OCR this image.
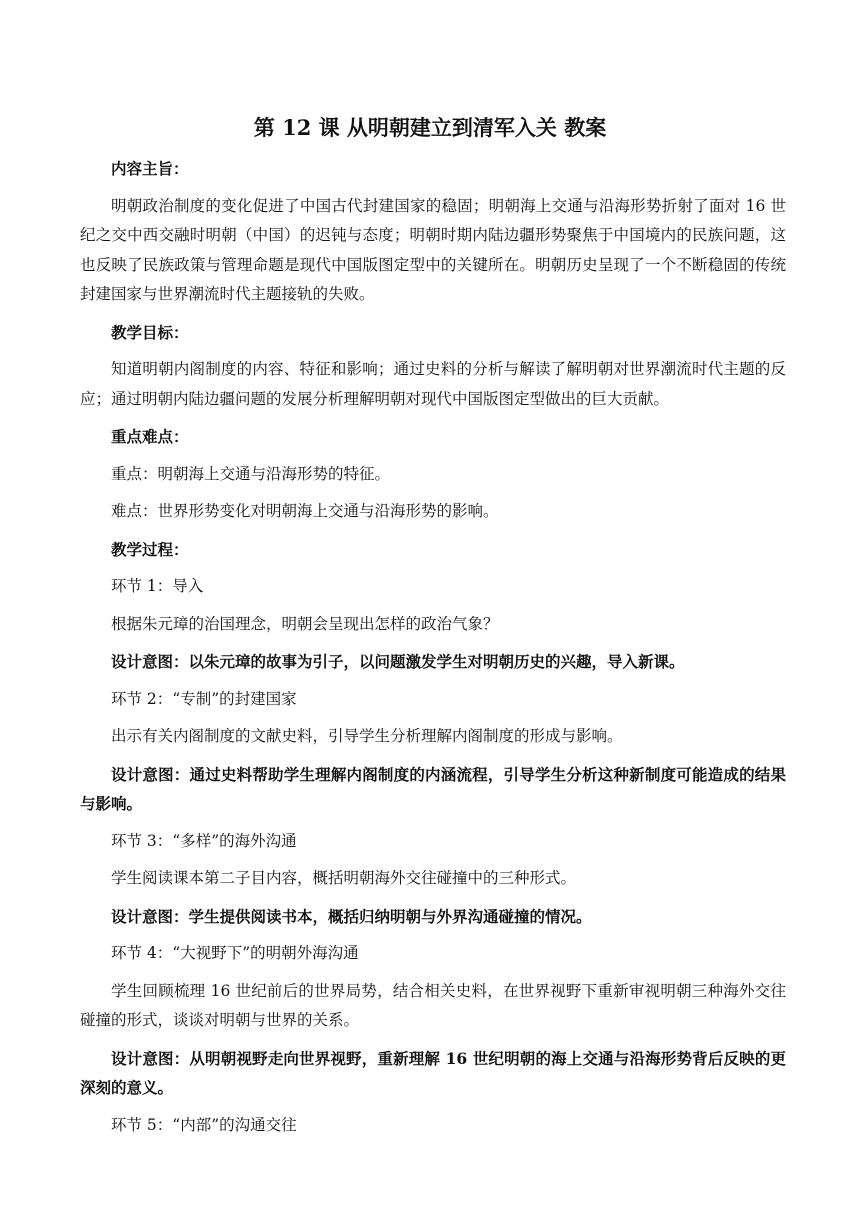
第 12 课 从明朝建立到清军入关 教案

内容主旨：

明朝政治制度的变化促进了中国古代封建国家的稳固；明朝海上交通与沿海形势折射了面对 16 世纪之交中西交融时明朝（中国）的迟钝与态度；明朝时期内陆边疆形势聚焦于中国境内的民族问题，这也反映了民族政策与管理命题是现代中国版图定型中的关键所在。明朝历史呈现了一个不断稳固的传统封建国家与世界潮流时代主题接轨的失败。

教学目标：

知道明朝内阁制度的内容、特征和影响；通过史料的分析与解读了解明朝对世界潮流时代主题的反应；通过明朝内陆边疆问题的发展分析理解明朝对现代中国版图定型做出的巨大贡献。

重点难点：

重点：明朝海上交通与沿海形势的特征。

难点：世界形势变化对明朝海上交通与沿海形势的影响。

教学过程：

环节 1：导入

根据朱元璋的治国理念，明朝会呈现出怎样的政治气象？

设计意图：以朱元璋的故事为引子，以问题激发学生对明朝历史的兴趣，导入新课。

环节 2：“专制”的封建国家

出示有关内阁制度的文献史料，引导学生分析理解内阁制度的形成与影响。

设计意图：通过史料帮助学生理解内阁制度的内涵流程，引导学生分析这种新制度可能造成的结果与影响。

环节 3：“多样”的海外沟通

学生阅读课本第二子目内容，概括明朝海外交往碰撞中的三种形式。

设计意图：学生提供阅读书本，概括归纳明朝与外界沟通碰撞的情况。

环节 4：“大视野下”的明朝外海沟通

学生回顾梳理 16 世纪前后的世界局势，结合相关史料，在世界视野下重新审视明朝三种海外交往碰撞的形式，谈谈对明朝与世界的关系。

设计意图：从明朝视野走向世界视野，重新理解 16 世纪明朝的海上交通与沿海形势背后反映的更深刻的意义。

环节 5：“内部”的沟通交往
